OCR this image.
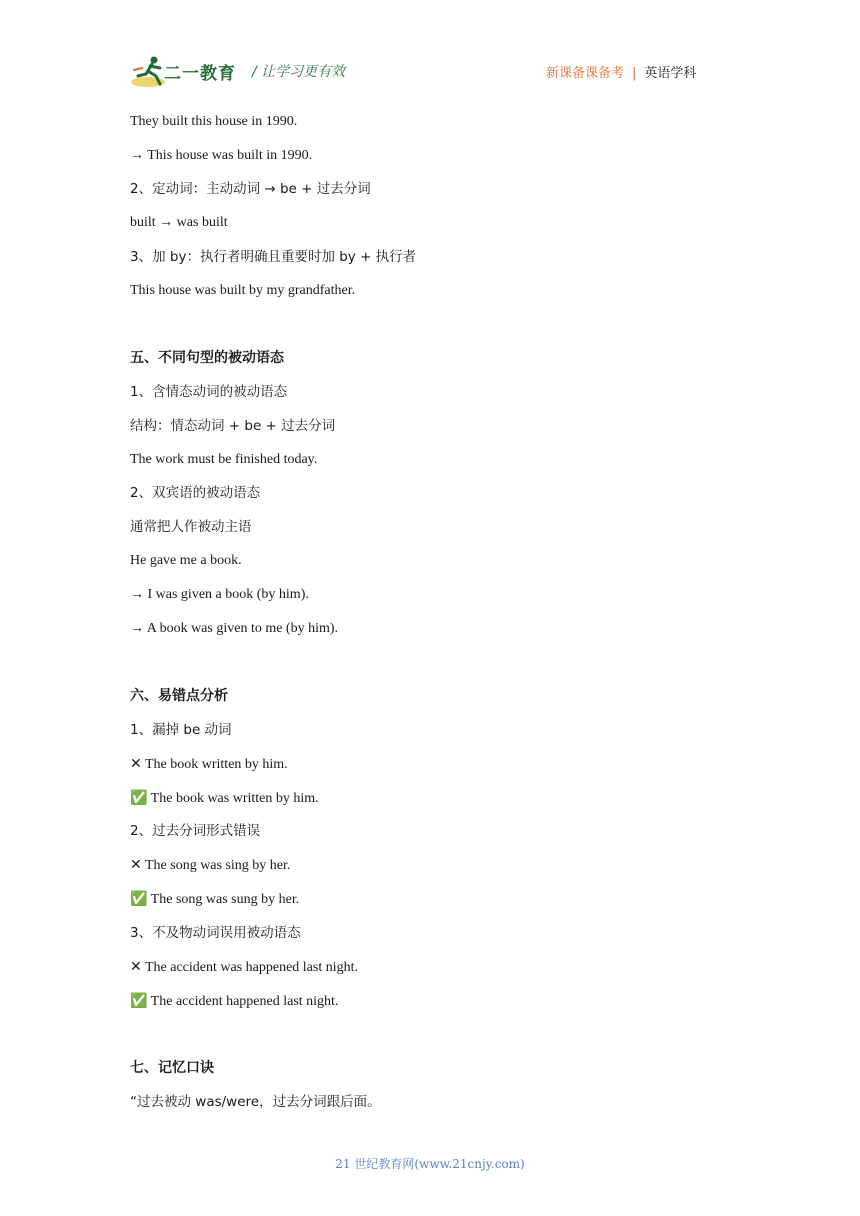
二一教育 / 让学习更有效	新课备课备考 | 英语学科
They built this house in 1990.
→ This house was built in 1990.
2、定动词：主动动词 → be + 过去分词
built → was built
3、加 by：执行者明确且重要时加 by + 执行者
This house was built by my grandfather.
五、不同句型的被动语态
1、含情态动词的被动语态
结构：情态动词 + be + 过去分词
The work must be finished today.
2、双宾语的被动语态
通常把人作被动主语
He gave me a book.
→ I was given a book (by him).
→ A book was given to me (by him).
六、易错点分析
1、漏掉 be 动词
✕ The book written by him.
✅ The book was written by him.
2、过去分词形式错误
✕ The song was sing by her.
✅ The song was sung by her.
3、不及物动词误用被动语态
✕ The accident was happened last night.
✅ The accident happened last night.
七、记忆口诀
“过去被动 was/were，过去分词跟后面。
21 世纪教育网(www.21cnjy.com)
